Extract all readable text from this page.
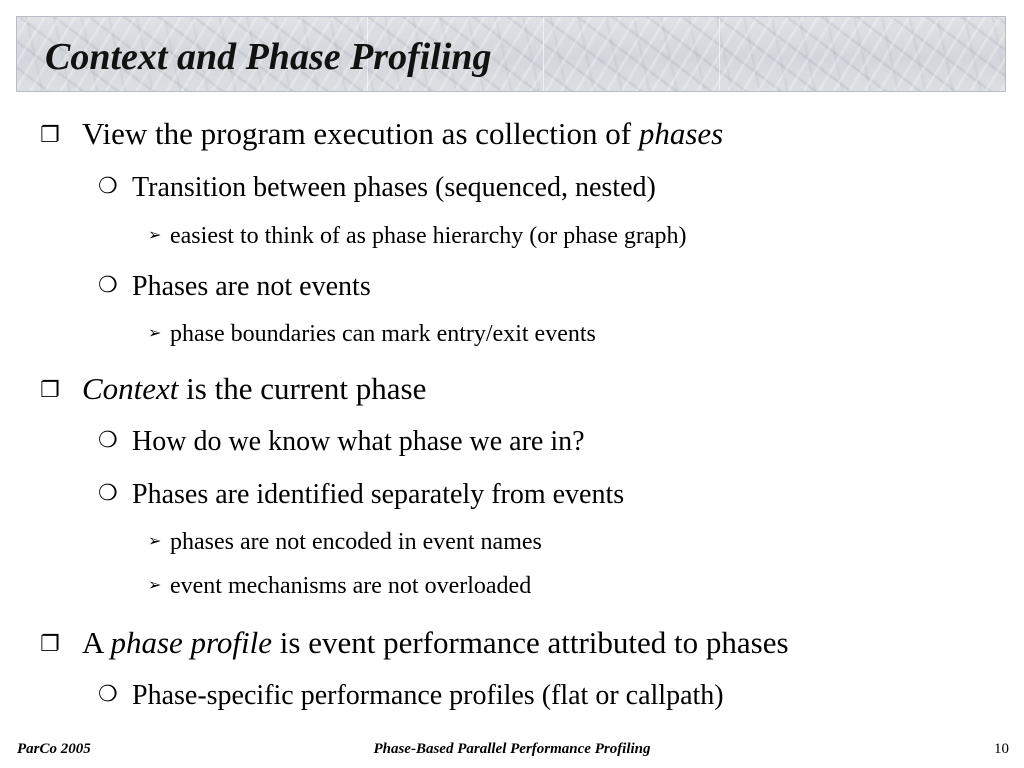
Context and Phase Profiling
❐ View the program execution as collection of phases
❍ Transition between phases (sequenced, nested)
➢ easiest to think of as phase hierarchy (or phase graph)
❍ Phases are not events
➢ phase boundaries can mark entry/exit events
❐ Context is the current phase
❍ How do we know what phase we are in?
❍ Phases are identified separately from events
➢ phases are not encoded in event names
➢ event mechanisms are not overloaded
❐ A phase profile is event performance attributed to phases
❍ Phase-specific performance profiles (flat or callpath)
ParCo 2005	Phase-Based Parallel Performance Profiling	10
